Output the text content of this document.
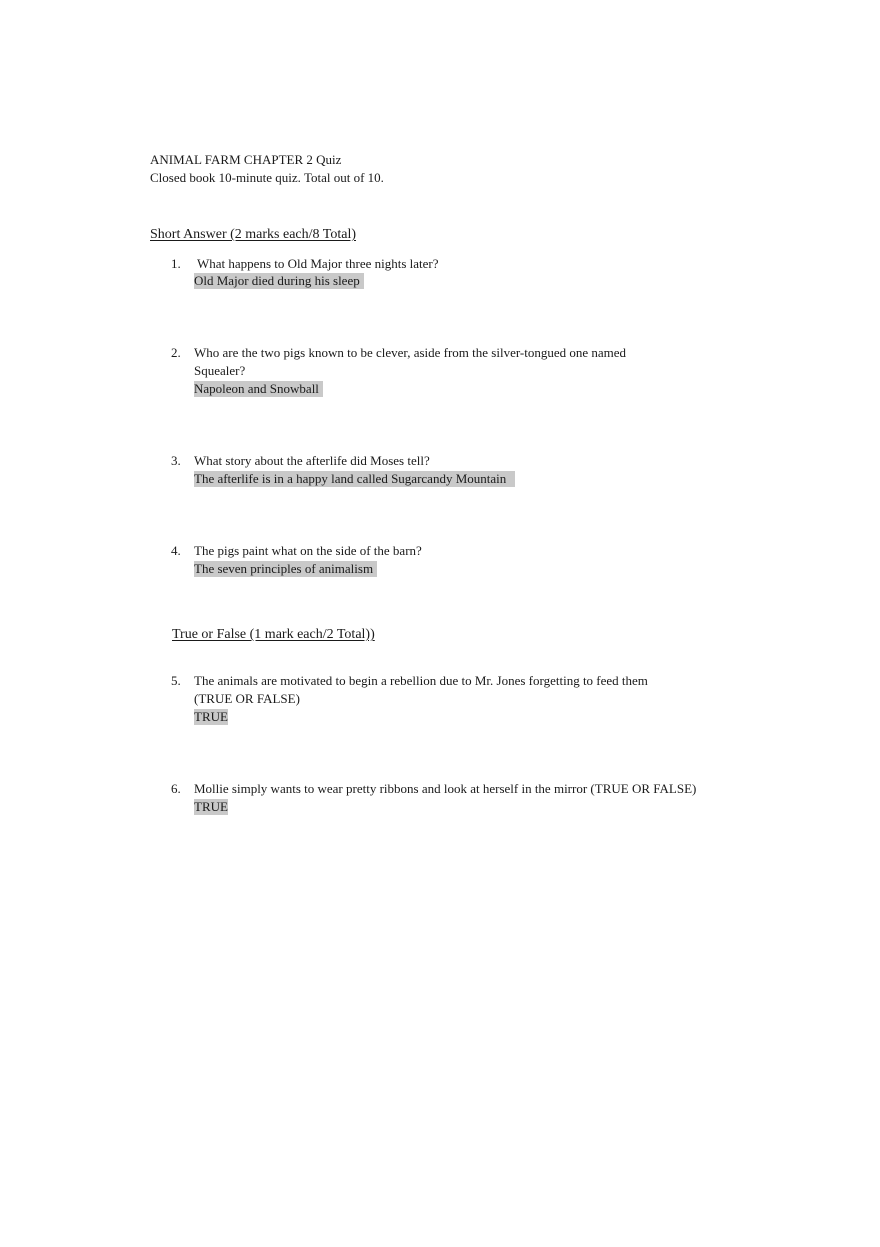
ANIMAL FARM CHAPTER 2 Quiz
Closed book 10-minute quiz. Total out of 10.
Short Answer (2 marks each/8 Total)
1. What happens to Old Major three nights later?
Old Major died during his sleep
2. Who are the two pigs known to be clever, aside from the silver-tongued one named
Squealer?
Napoleon and Snowball
3. What story about the afterlife did Moses tell?
The afterlife is in a happy land called Sugarcandy Mountain
4. The pigs paint what on the side of the barn?
The seven principles of animalism
True or False (1 mark each/2 Total))
5. The animals are motivated to begin a rebellion due to Mr. Jones forgetting to feed them
(TRUE OR FALSE)
TRUE
6. Mollie simply wants to wear pretty ribbons and look at herself in the mirror (TRUE OR FALSE)
TRUE
